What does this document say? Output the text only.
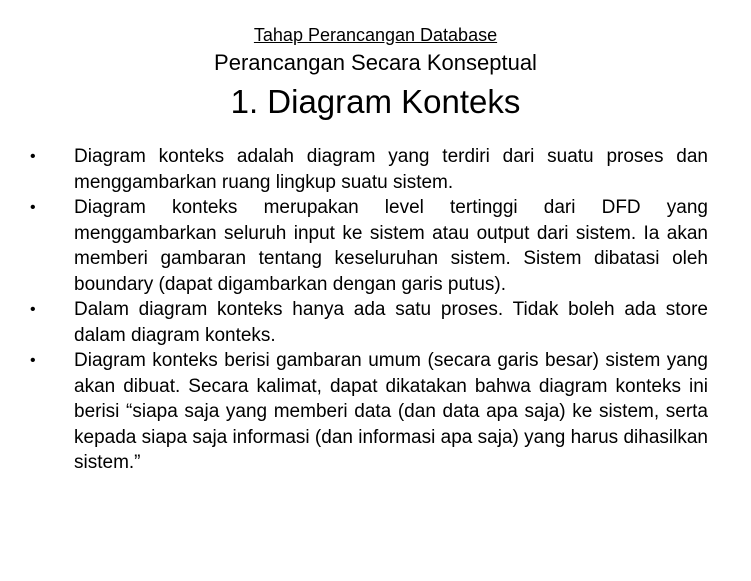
Tahap Perancangan Database
Perancangan Secara Konseptual
1. Diagram Konteks
•	Diagram konteks adalah diagram yang terdiri dari suatu proses dan menggambarkan ruang lingkup suatu sistem.
•	Diagram konteks merupakan level tertinggi dari DFD yang menggambarkan seluruh input ke sistem atau output dari sistem. Ia akan memberi gambaran tentang keseluruhan sistem. Sistem dibatasi oleh boundary (dapat digambarkan dengan garis putus).
•	Dalam diagram konteks hanya ada satu proses. Tidak boleh ada store dalam diagram konteks.
•	Diagram konteks berisi gambaran umum (secara garis besar) sistem yang akan dibuat. Secara kalimat, dapat dikatakan bahwa diagram konteks ini berisi “siapa saja yang memberi data (dan data apa saja) ke sistem, serta kepada siapa saja informasi (dan informasi apa saja) yang harus dihasilkan sistem.”
